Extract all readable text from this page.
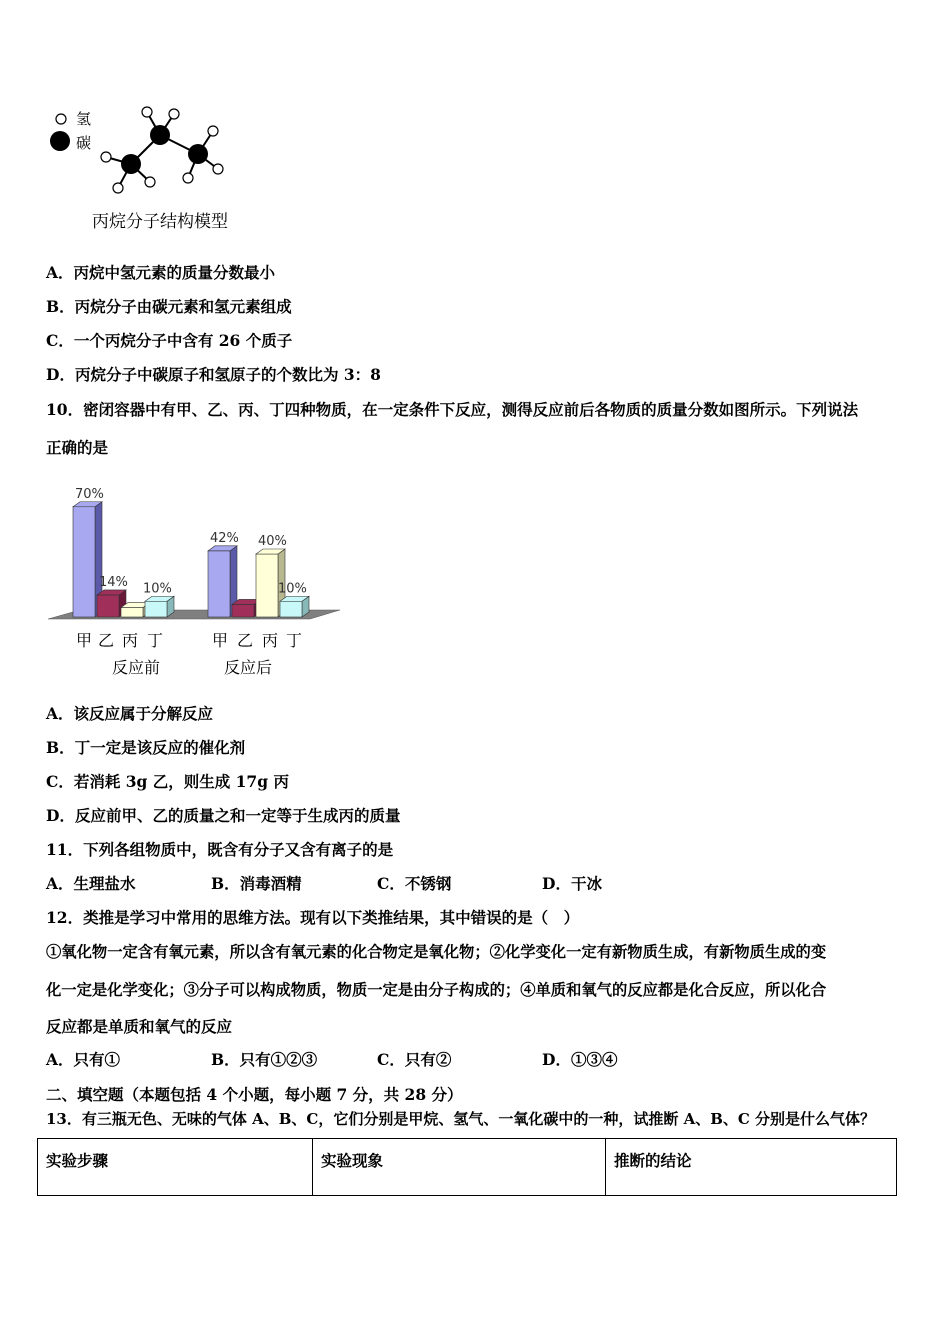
氢
碳
丙烷分子结构模型
A．丙烷中氢元素的质量分数最小
B．丙烷分子由碳元素和氢元素组成
C．一个丙烷分子中含有 26 个质子
D．丙烷分子中碳原子和氢原子的个数比为 3：8
10．密闭容器中有甲、乙、丙、丁四种物质，在一定条件下反应，测得反应前后各物质的质量分数如图所示。下列说法
正确的是
70%
14% 10%
42% 40%
10%
甲 乙 丙 丁	甲 乙 丙 丁
反应前	反应后
A．该反应属于分解反应
B．丁一定是该反应的催化剂
C．若消耗 3g 乙，则生成 17g 丙
D．反应前甲、乙的质量之和一定等于生成丙的质量
11．下列各组物质中，既含有分子又含有离子的是
A．生理盐水	B．消毒酒精	C．不锈钢	D．干冰
12．类推是学习中常用的思维方法。现有以下类推结果，其中错误的是（　）
①氧化物一定含有氧元素，所以含有氧元素的化合物定是氧化物；②化学变化一定有新物质生成，有新物质生成的变
化一定是化学变化；③分子可以构成物质，物质一定是由分子构成的；④单质和氧气的反应都是化合反应，所以化合
反应都是单质和氧气的反应
A．只有①	B．只有①②③	C．只有②	D．①③④
二、填空题（本题包括 4 个小题，每小题 7 分，共 28 分）
13．有三瓶无色、无味的气体 A、B、C，它们分别是甲烷、氢气、一氧化碳中的一种，试推断 A、B、C 分别是什么气体？
实验步骤	实验现象	推断的结论
